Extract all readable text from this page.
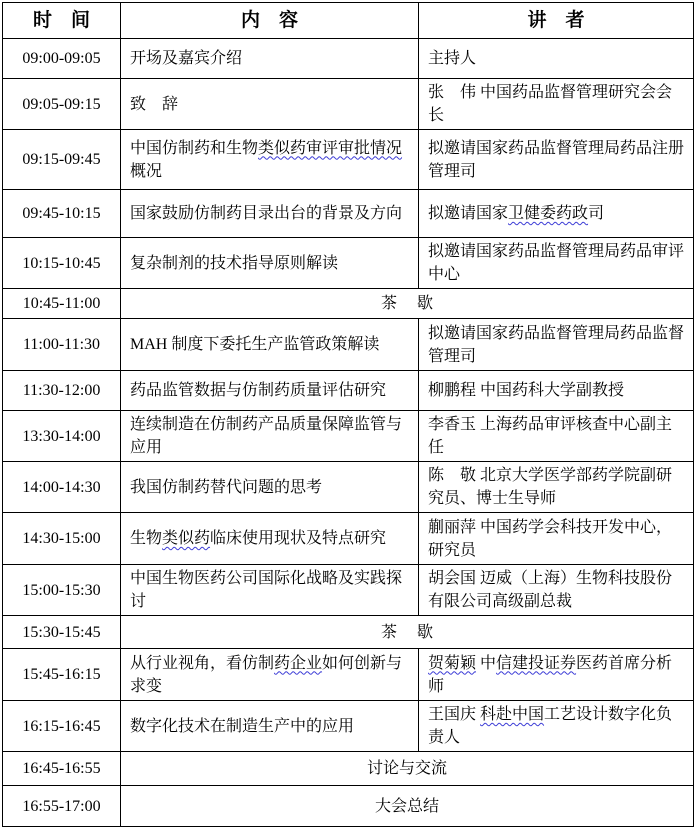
时　间	内　容	讲　者
09:00-09:05	开场及嘉宾介绍	主持人
09:05-09:15	致　辞	张　伟 中国药品监督管理研究会会长
09:15-09:45	中国仿制药和生物类似药审评审批情况概况	拟邀请国家药品监督管理局药品注册管理司
09:45-10:15	国家鼓励仿制药目录出台的背景及方向	拟邀请国家卫健委药政司
10:15-10:45	复杂制剂的技术指导原则解读	拟邀请国家药品监督管理局药品审评中心
10:45-11:00	茶　 歇	
11:00-11:30	MAH 制度下委托生产监管政策解读	拟邀请国家药品监督管理局药品监督管理司
11:30-12:00	药品监管数据与仿制药质量评估研究	柳鹏程 中国药科大学副教授
13:30-14:00	连续制造在仿制药产品质量保障监管与应用	李香玉 上海药品审评核查中心副主任
14:00-14:30	我国仿制药替代问题的思考	陈　敬 北京大学医学部药学院副研究员、博士生导师
14:30-15:00	生物类似药临床使用现状及特点研究	蒯丽萍 中国药学会科技开发中心，研究员
15:00-15:30	中国生物医药公司国际化战略及实践探讨	胡会国 迈威（上海）生物科技股份有限公司高级副总裁
15:30-15:45	茶　 歇	
15:45-16:15	从行业视角，看仿制药企业如何创新与求变	贺菊颖 中信建投证券医药首席分析师
16:15-16:45	数字化技术在制造生产中的应用	王国庆 科赴中国工艺设计数字化负责人
16:45-16:55	讨论与交流	
16:55-17:00	大会总结	
